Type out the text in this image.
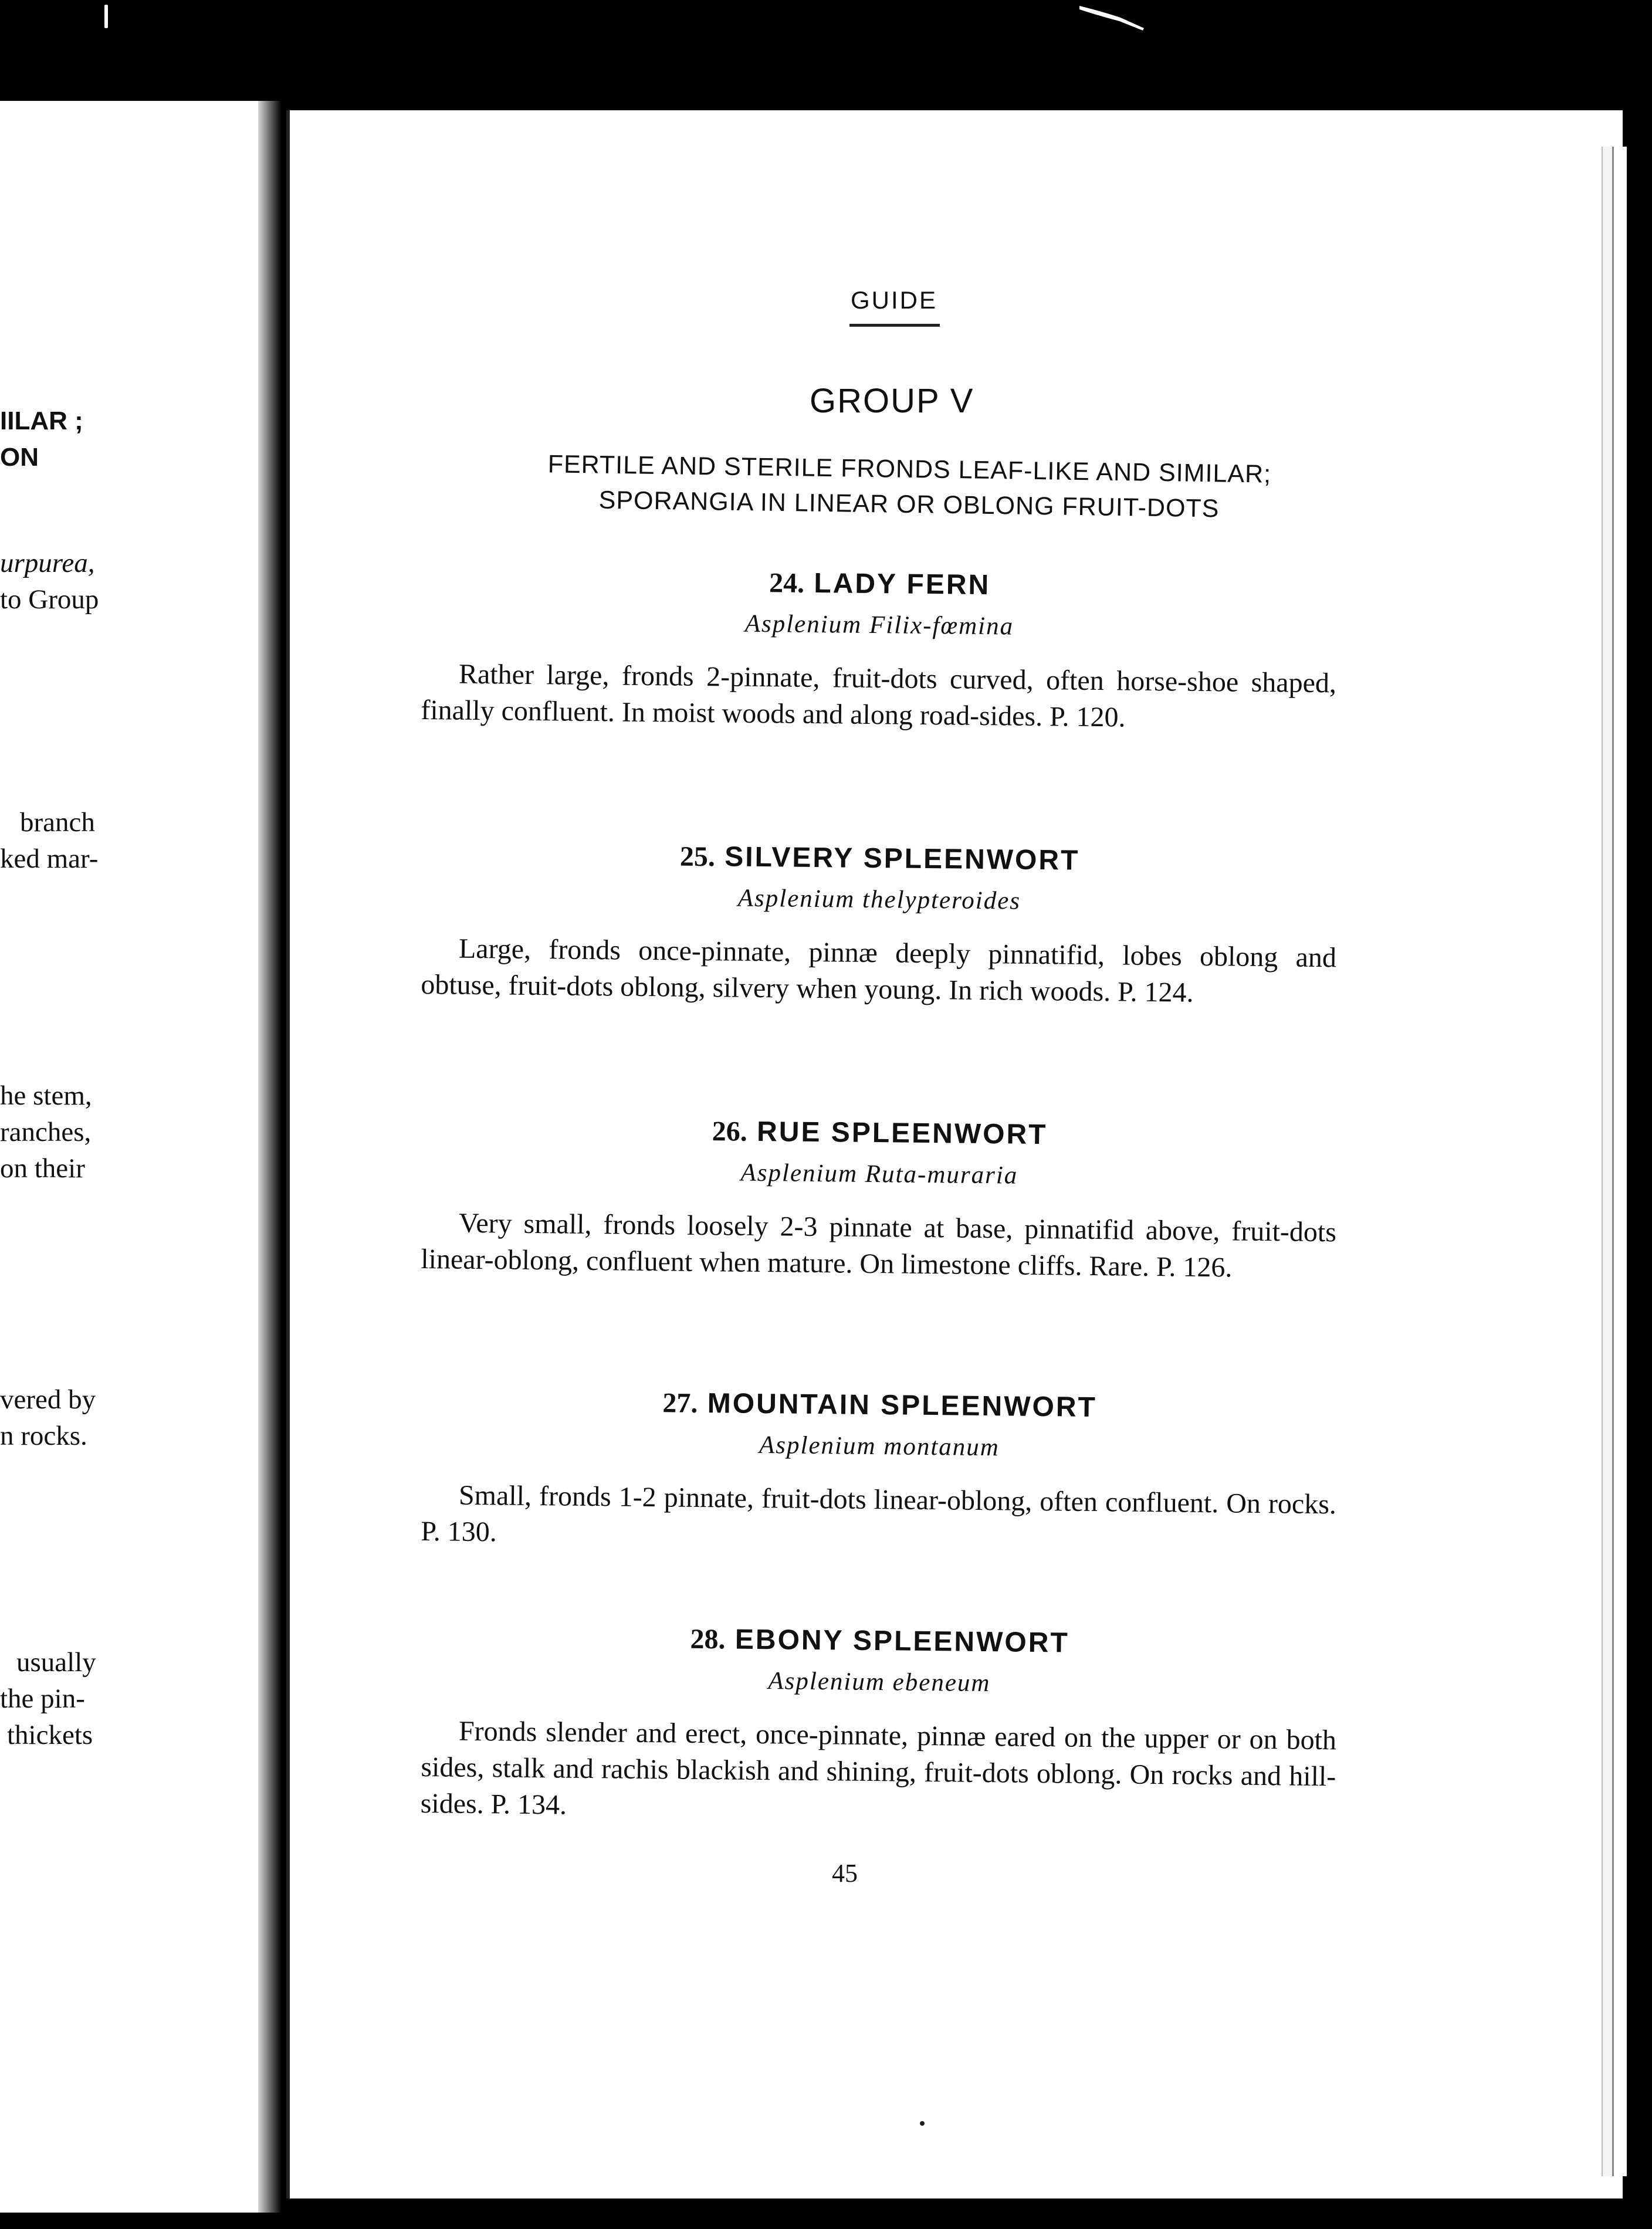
IILAR ;
ON
urpurea,
to Group
branch
ked mar-
he stem,
ranches,
on their
vered by
n rocks.
usually
the pin-
thickets
GUIDE
GROUP V
FERTILE AND STERILE FRONDS LEAF-LIKE AND SIMILAR; SPORANGIA IN LINEAR OR OBLONG FRUIT-DOTS
24. LADY FERN
Asplenium Filix-fœmina

Rather large, fronds 2-pinnate, fruit-dots curved, often horse-shoe shaped, finally confluent. In moist woods and along road-sides. P. 120.

25. SILVERY SPLEENWORT
Asplenium thelypteroides

Large, fronds once-pinnate, pinnæ deeply pinnatifid, lobes oblong and obtuse, fruit-dots oblong, silvery when young. In rich woods. P. 124.

26. RUE SPLEENWORT
Asplenium Ruta-muraria

Very small, fronds loosely 2-3 pinnate at base, pinnatifid above, fruit-dots linear-oblong, confluent when mature. On limestone cliffs. Rare. P. 126.

27. MOUNTAIN SPLEENWORT
Asplenium montanum

Small, fronds 1-2 pinnate, fruit-dots linear-oblong, often confluent. On rocks. P. 130.

28. EBONY SPLEENWORT
Asplenium ebeneum

Fronds slender and erect, once-pinnate, pinnæ eared on the upper or on both sides, stalk and rachis blackish and shining, fruit-dots oblong. On rocks and hill-sides. P. 134.

45
